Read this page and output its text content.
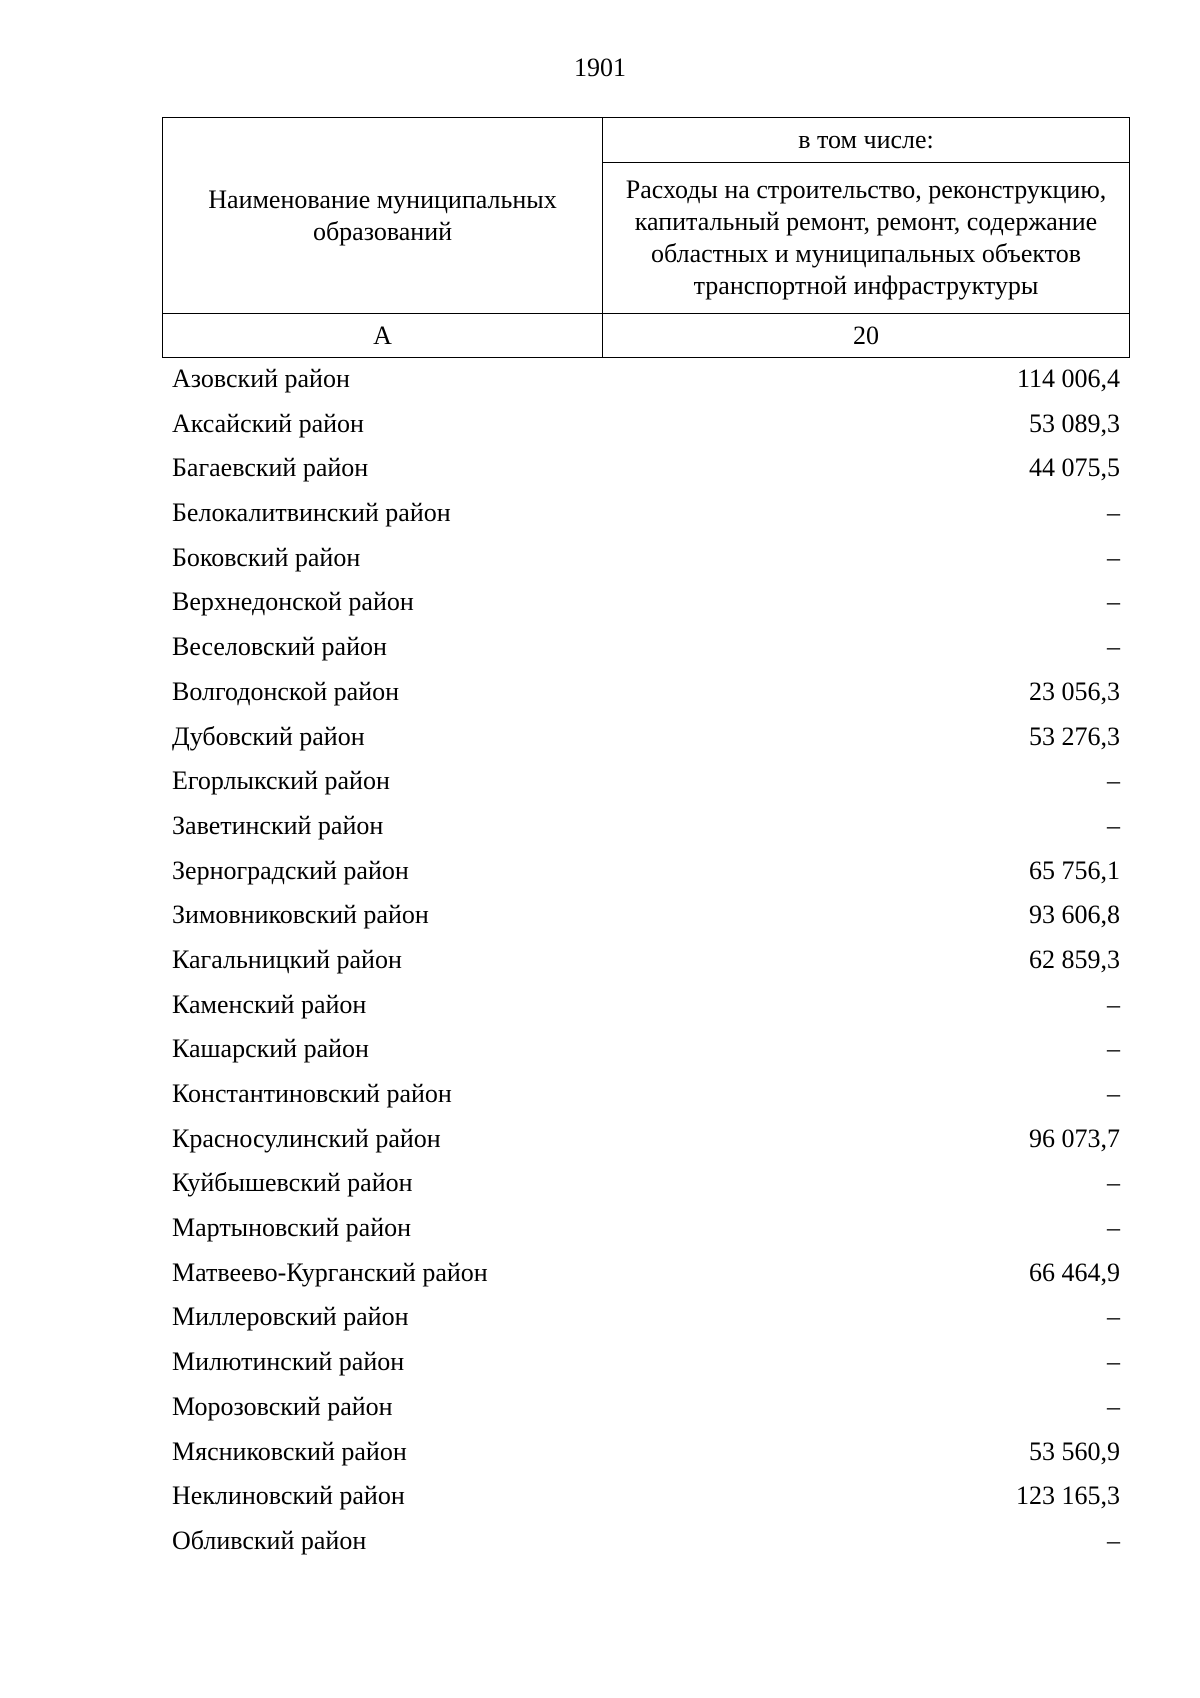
1901
Наименование муниципальных образований	в том числе:
	Расходы на строительство, реконструкцию, капитальный ремонт, ремонт, содержание областных и муниципальных объектов транспортной инфраструктуры
А	20
Азовский район	114 006,4
Аксайский район	53 089,3
Багаевский район	44 075,5
Белокалитвинский район	–
Боковский район	–
Верхнедонской район	–
Веселовский район	–
Волгодонской район	23 056,3
Дубовский район	53 276,3
Егорлыкский район	–
Заветинский район	–
Зерноградский район	65 756,1
Зимовниковский район	93 606,8
Кагальницкий район	62 859,3
Каменский район	–
Кашарский район	–
Константиновский район	–
Красносулинский район	96 073,7
Куйбышевский район	–
Мартыновский район	–
Матвеево-Курганский район	66 464,9
Миллеровский район	–
Милютинский район	–
Морозовский район	–
Мясниковский район	53 560,9
Неклиновский район	123 165,3
Обливский район	–
